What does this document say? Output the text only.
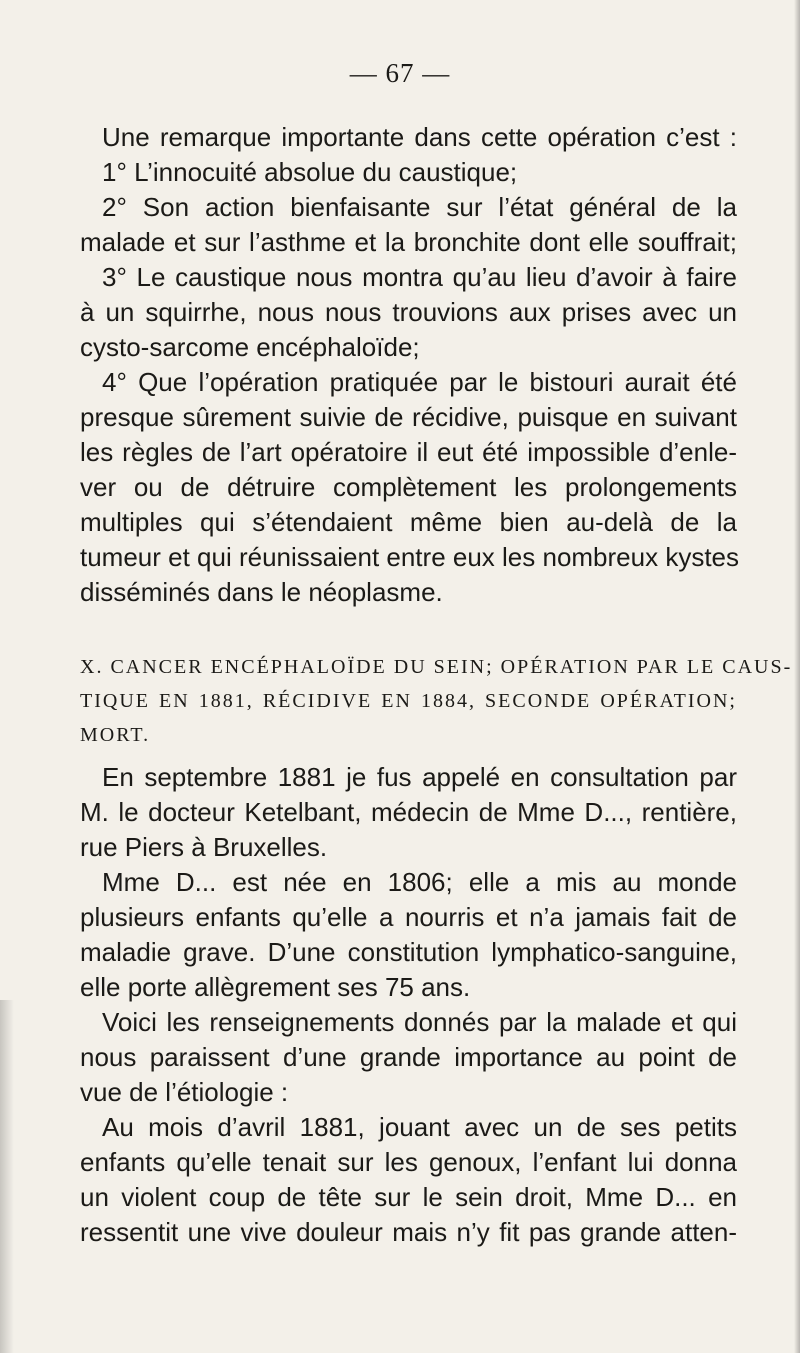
— 67 —
Une remarque importante dans cette opération c’est :
1° L’innocuité absolue du caustique;
2° Son action bienfaisante sur l’état général de la
malade et sur l’asthme et la bronchite dont elle souffrait;
3° Le caustique nous montra qu’au lieu d’avoir à faire
à un squirrhe, nous nous trouvions aux prises avec un
cysto-sarcome encéphaloïde;
4° Que l’opération pratiquée par le bistouri aurait été
presque sûrement suivie de récidive, puisque en suivant
les règles de l’art opératoire il eut été impossible d’enle-
ver ou de détruire complètement les prolongements
multiples qui s’étendaient même bien au-delà de la
tumeur et qui réunissaient entre eux les nombreux kystes
disséminés dans le néoplasme.
X. CANCER ENCÉPHALOÏDE DU SEIN; OPÉRATION PAR LE CAUS-
TIQUE EN 1881, RÉCIDIVE EN 1884, SECONDE OPÉRATION;
MORT.
En septembre 1881 je fus appelé en consultation par
M. le docteur Ketelbant, médecin de Mme D..., rentière,
rue Piers à Bruxelles.
Mme D... est née en 1806; elle a mis au monde
plusieurs enfants qu’elle a nourris et n’a jamais fait de
maladie grave. D’une constitution lymphatico-sanguine,
elle porte allègrement ses 75 ans.
Voici les renseignements donnés par la malade et qui
nous paraissent d’une grande importance au point de
vue de l’étiologie :
Au mois d’avril 1881, jouant avec un de ses petits
enfants qu’elle tenait sur les genoux, l’enfant lui donna
un violent coup de tête sur le sein droit, Mme D... en
ressentit une vive douleur mais n’y fit pas grande atten-
